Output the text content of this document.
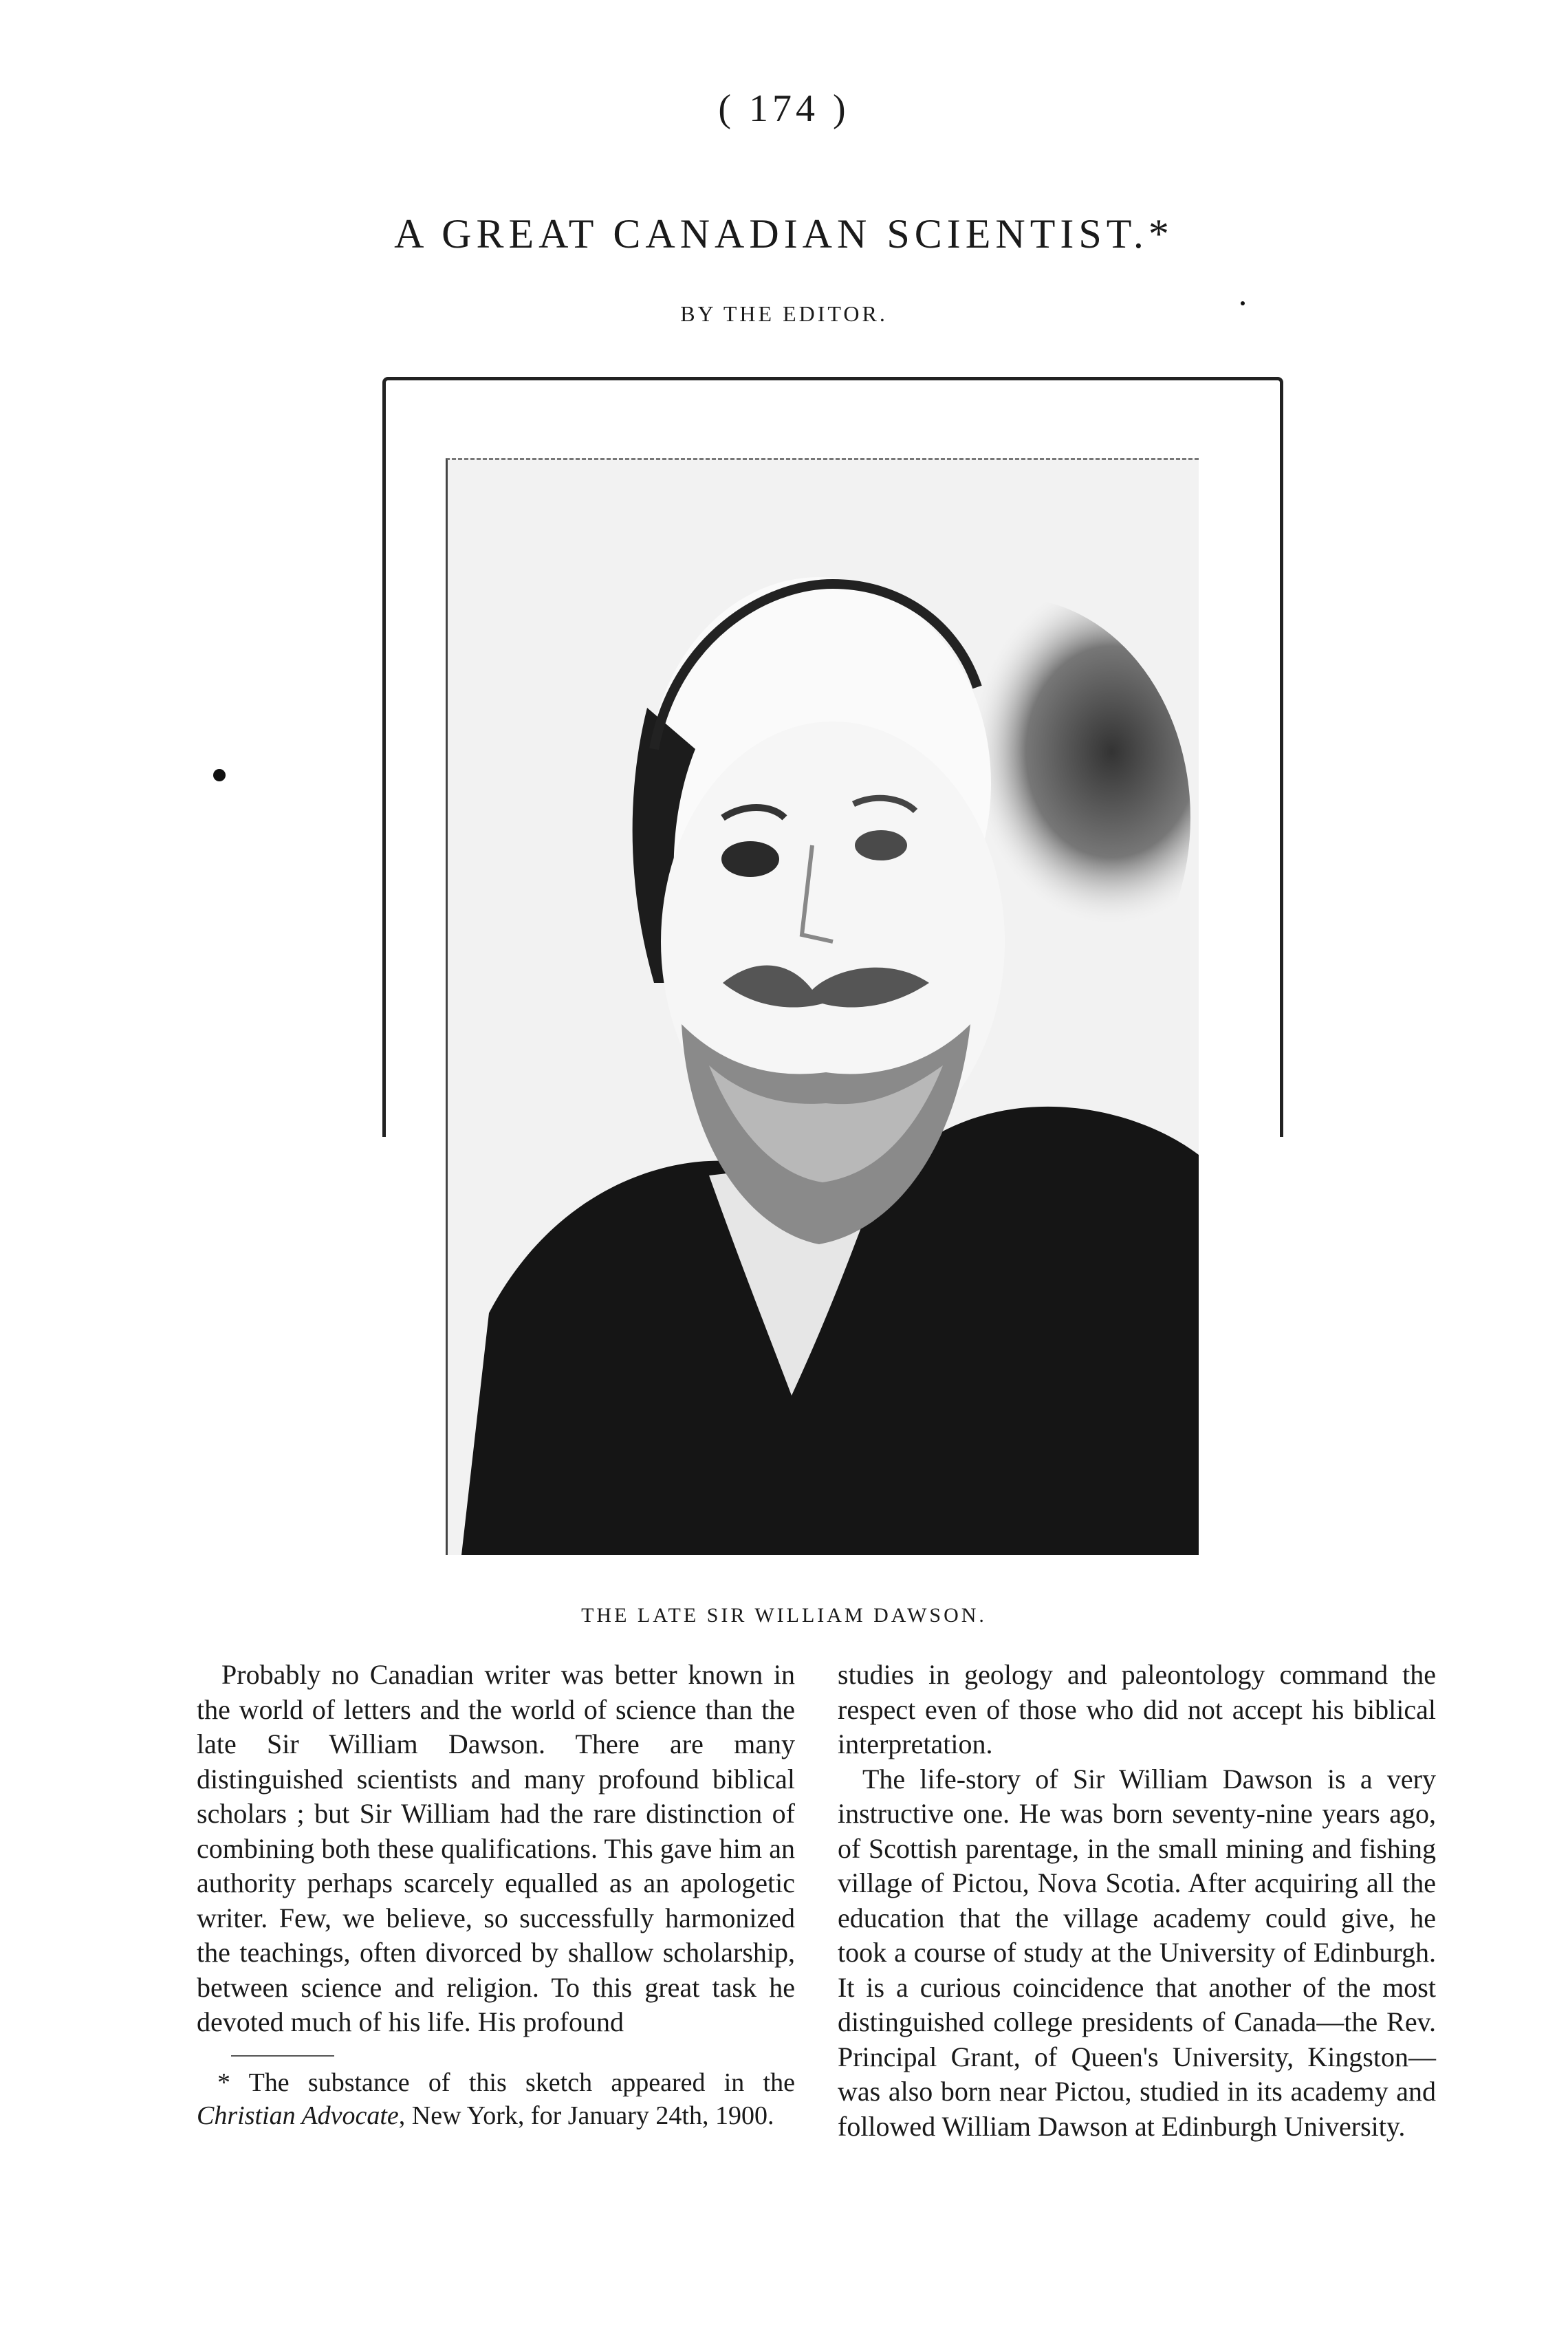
( 174 )
A GREAT CANADIAN SCIENTIST.*
BY THE EDITOR.
THE LATE SIR WILLIAM DAWSON.

Probably no Canadian writer was better known in the world of letters and the world of science than the late Sir William Dawson. There are many distinguished scientists and many profound biblical scholars ; but Sir William had the rare distinction of combining both these qualifications. This gave him an authority perhaps scarcely equalled as an apologetic writer. Few, we believe, so successfully harmonized the teachings, often divorced by shallow scholarship, between science and religion. To this great task he devoted much of his life. His profound

* The substance of this sketch appeared in the Christian Advocate, New York, for January 24th, 1900.

studies in geology and paleontology command the respect even of those who did not accept his biblical interpretation.

The life-story of Sir William Dawson is a very instructive one. He was born seventy-nine years ago, of Scottish parentage, in the small mining and fishing village of Pictou, Nova Scotia. After acquiring all the education that the village academy could give, he took a course of study at the University of Edinburgh. It is a curious coincidence that another of the most distinguished college presidents of Canada—the Rev. Principal Grant, of Queen's University, Kingston—was also born near Pictou, studied in its academy and followed William Dawson at Edinburgh University.
